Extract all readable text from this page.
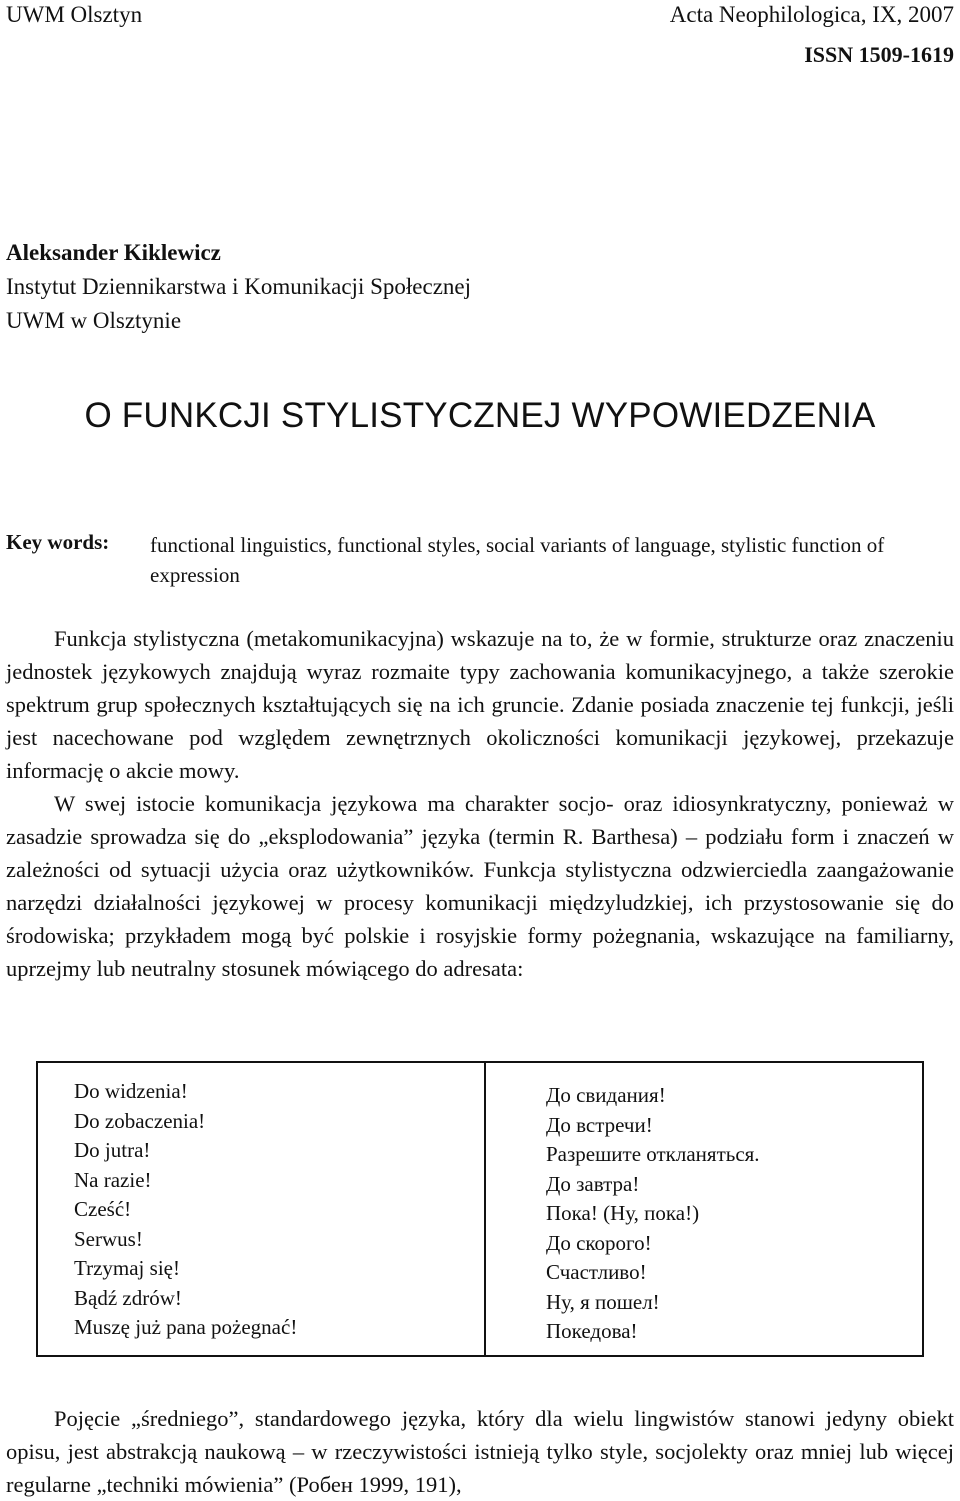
UWM Olsztyn	Acta Neophilologica, IX, 2007
ISSN 1509-1619
Aleksander Kiklewicz
Instytut Dziennikarstwa i Komunikacji Społecznej
UWM w Olsztynie
O FUNKCJI STYLISTYCZNEJ WYPOWIEDZENIA
Key words: functional linguistics, functional styles, social variants of language, stylistic function of expression

Funkcja stylistyczna (metakomunikacyjna) wskazuje na to, że w formie, strukturze oraz znaczeniu jednostek językowych znajdują wyraz rozmaite typy zachowania komunikacyjnego, a także szerokie spektrum grup społecznych kształtujących się na ich gruncie. Zdanie posiada znaczenie tej funkcji, jeśli jest nacechowane pod względem zewnętrznych okoliczności komunikacji językowej, przekazuje informację o akcie mowy.

W swej istocie komunikacja językowa ma charakter socjo- oraz idiosynkratyczny, ponieważ w zasadzie sprowadza się do „eksplodowania” języka (termin R. Barthesa) – podziału form i znaczeń w zależności od sytuacji użycia oraz użytkowników. Funkcja stylistyczna odzwierciedla zaangażowanie narzędzi działalności językowej w procesy komunikacji międzyludzkiej, ich przystosowanie się do środowiska; przykładem mogą być polskie i rosyjskie formy pożegnania, wskazujące na familiarny, uprzejmy lub neutralny stosunek mówiącego do adresata:

Do widzenia!
Do zobaczenia!
Do jutra!
Na razie!
Cześć!
Serwus!
Trzymaj się!
Bądź zdrów!
Muszę już pana pożegnać!
До свидания!
До встречи!
Разрешите откланяться.
До завтра!
Пока! (Ну, пока!)
До скорого!
Счастливо!
Ну, я пошел!
Покедова!

Pojęcie „średniego”, standardowego języka, który dla wielu lingwistów stanowi jedyny obiekt opisu, jest abstrakcją naukową – w rzeczywistości istnieją tylko style, socjolekty oraz mniej lub więcej regularne „techniki mówienia” (Робен 1999, 191),
